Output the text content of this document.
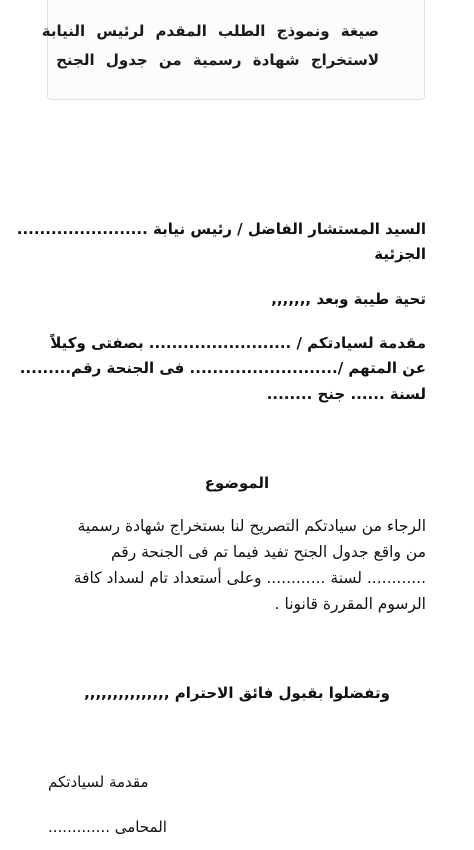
صيغة ونموذج الطلب المقدم لرئيس النيابة
لاستخراج شهادة رسمية من جدول الجنح
السيد المستشار الفاضل / رئيس نيابة .......................
الجزئية
تحية طيبة وبعد ,,,,,,,
مقدمة لسيادتكم / ......................... بصفتى وكيلاً
عن المتهم /.......................... فى الجنحة رقم.........
لسنة ...... جنح ........
الموضوع
الرجاء من سيادتكم التصريح لنا بستخراج شهادة رسمية
من واقع جدول الجنح تفيد فيما تم فى الجنحة رقم
............ لسنة ............ وعلى أستعداد تام لسداد كافة
الرسوم المقررة قانونا .
وتفضلوا بقبول فائق الاحترام ,,,,,,,,,,,,,,,
مقدمة لسيادتكم
المحامى .............
